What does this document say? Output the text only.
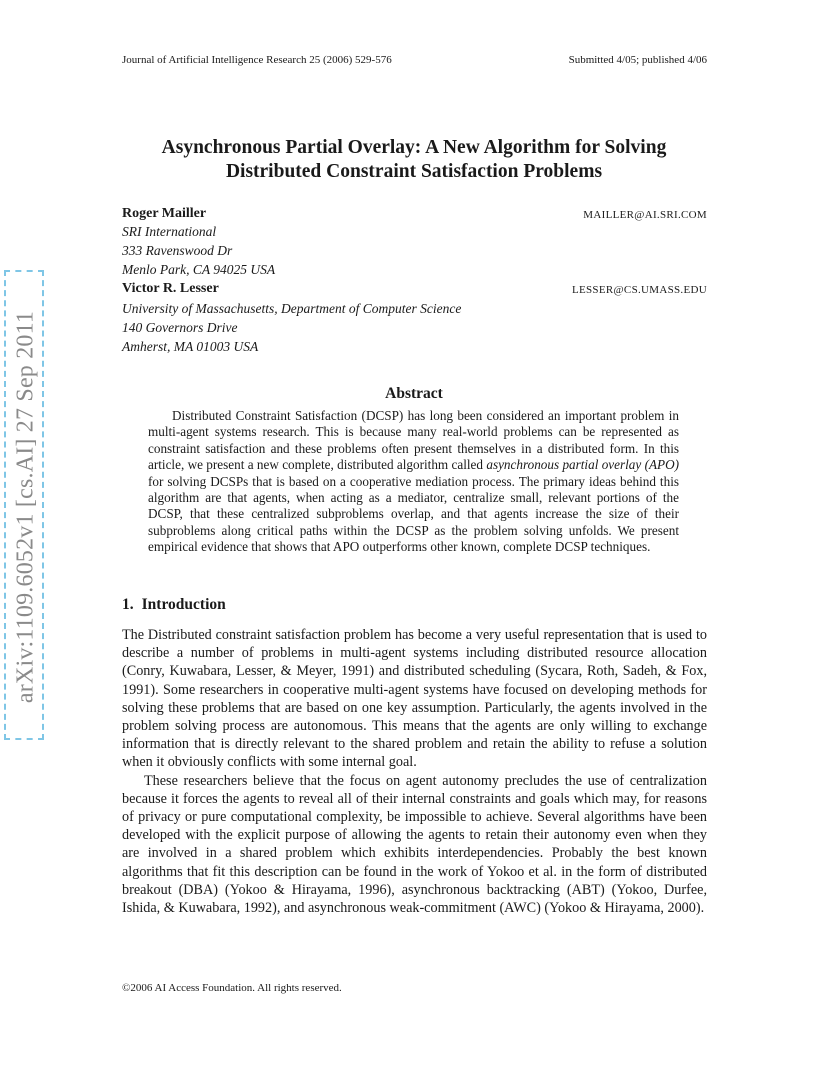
arXiv:1109.6052v1 [cs.AI] 27 Sep 2011
Journal of Artificial Intelligence Research 25 (2006) 529-576	Submitted 4/05; published 4/06
Asynchronous Partial Overlay: A New Algorithm for Solving
Distributed Constraint Satisfaction Problems
Roger Mailler	MAILLER@AI.SRI.COM
SRI International
333 Ravenswood Dr
Menlo Park, CA 94025 USA
Victor R. Lesser	LESSER@CS.UMASS.EDU
University of Massachusetts, Department of Computer Science
140 Governors Drive
Amherst, MA 01003 USA
Abstract

Distributed Constraint Satisfaction (DCSP) has long been considered an important problem in multi-agent systems research. This is because many real-world problems can be represented as constraint satisfaction and these problems often present themselves in a distributed form. In this article, we present a new complete, distributed algorithm called asynchronous partial overlay (APO) for solving DCSPs that is based on a cooperative mediation process. The primary ideas behind this algorithm are that agents, when acting as a mediator, centralize small, relevant portions of the DCSP, that these centralized subproblems overlap, and that agents increase the size of their subproblems along critical paths within the DCSP as the problem solving unfolds. We present empirical evidence that shows that APO outperforms other known, complete DCSP techniques.

1. Introduction

The Distributed constraint satisfaction problem has become a very useful representation that is used to describe a number of problems in multi-agent systems including distributed resource allocation (Conry, Kuwabara, Lesser, & Meyer, 1991) and distributed scheduling (Sycara, Roth, Sadeh, & Fox, 1991). Some researchers in cooperative multi-agent systems have focused on developing methods for solving these problems that are based on one key assumption. Particularly, the agents involved in the problem solving process are autonomous. This means that the agents are only willing to exchange information that is directly relevant to the shared problem and retain the ability to refuse a solution when it obviously conflicts with some internal goal.

These researchers believe that the focus on agent autonomy precludes the use of centralization because it forces the agents to reveal all of their internal constraints and goals which may, for reasons of privacy or pure computational complexity, be impossible to achieve. Several algorithms have been developed with the explicit purpose of allowing the agents to retain their autonomy even when they are involved in a shared problem which exhibits interdependencies. Probably the best known algorithms that fit this description can be found in the work of Yokoo et al. in the form of distributed breakout (DBA) (Yokoo & Hirayama, 1996), asynchronous backtracking (ABT) (Yokoo, Durfee, Ishida, & Kuwabara, 1992), and asynchronous weak-commitment (AWC) (Yokoo & Hirayama, 2000).

©2006 AI Access Foundation. All rights reserved.
